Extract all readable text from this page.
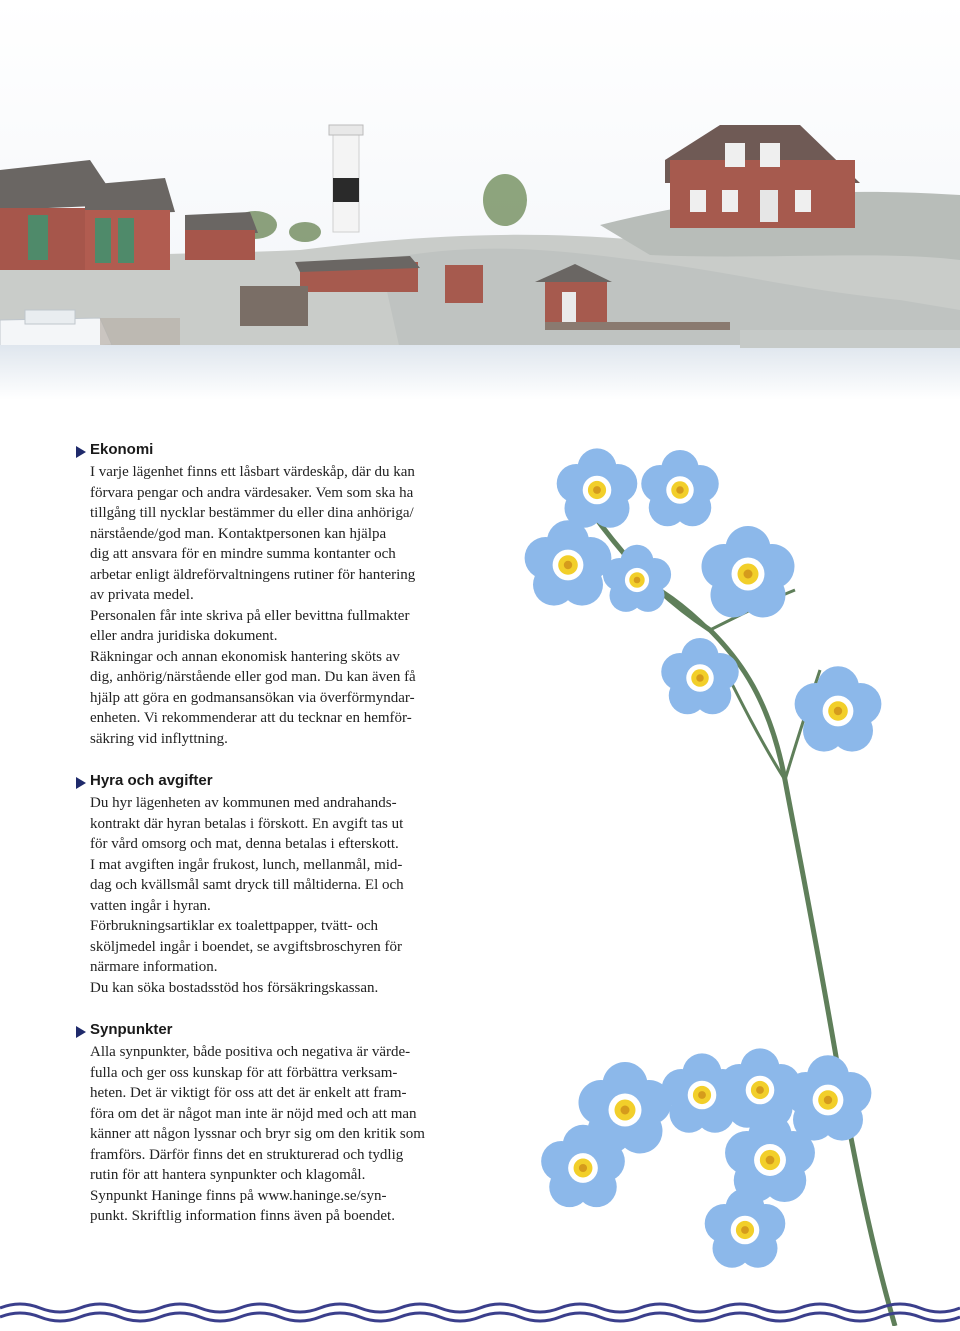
Ekonomi

I varje lägenhet finns ett låsbart värdeskåp, där du kan
förvara pengar och andra värdesaker. Vem som ska ha
tillgång till nycklar bestämmer du eller dina anhöriga/
närstående/god man. Kontaktpersonen kan hjälpa
dig att ansvara för en mindre summa kontanter och
arbetar enligt äldreförvaltningens rutiner för hantering
av privata medel.

Personalen får inte skriva på eller bevittna fullmakter
eller andra juridiska dokument.

Räkningar och annan ekonomisk hantering sköts av
dig, anhörig/närstående eller god man. Du kan även få
hjälp att göra en godmansansökan via överförmyndar-
enheten. Vi rekommenderar att du tecknar en hemför-
säkring vid inflyttning.

Hyra och avgifter

Du hyr lägenheten av kommunen med andrahands-
kontrakt där hyran betalas i förskott. En avgift tas ut
för vård omsorg och mat, denna betalas i efterskott.

I mat avgiften ingår frukost, lunch, mellanmål, mid-
dag och kvällsmål samt dryck till måltiderna. El och
vatten ingår i hyran.

Förbrukningsartiklar ex toalettpapper, tvätt- och
sköljmedel ingår i boendet, se avgiftsbroschyren för
närmare information.

Du kan söka bostadsstöd hos försäkringskassan.

Synpunkter

Alla synpunkter, både positiva och negativa är värde-
fulla och ger oss kunskap för att förbättra verksam-
heten. Det är viktigt för oss att det är enkelt att fram-
föra om det är något man inte är nöjd med och att man
känner att någon lyssnar och bryr sig om den kritik som
framförs. Därför finns det en strukturerad och tydlig
rutin för att hantera synpunkter och klagomål.
Synpunkt Haninge finns på www.haninge.se/syn-
punkt. Skriftlig information finns även på boendet.
